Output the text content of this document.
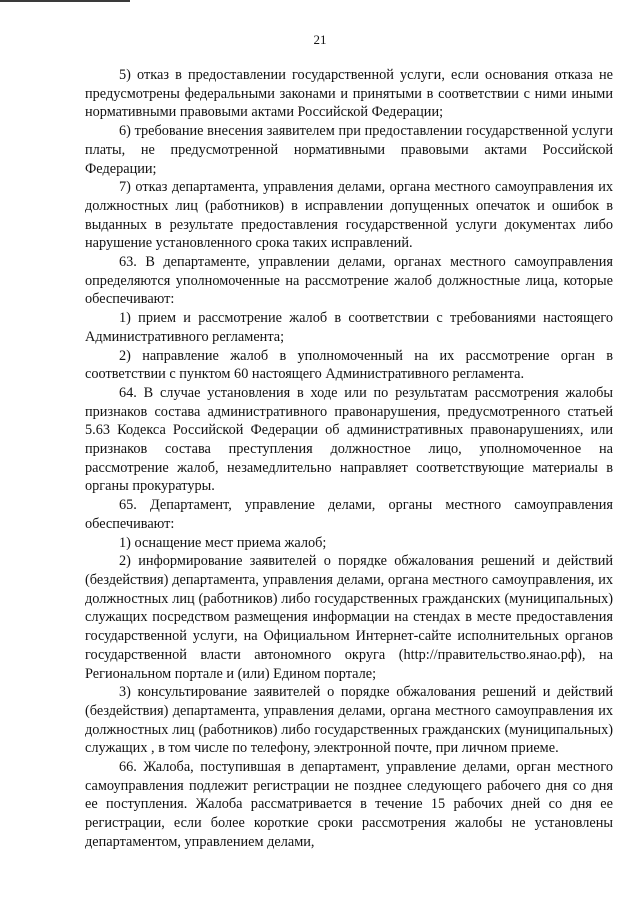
21

5) отказ в предоставлении государственной услуги, если основания отказа не предусмотрены федеральными законами и принятыми в соответствии с ними иными нормативными правовыми актами Российской Федерации;

6) требование внесения заявителем при предоставлении государственной услуги платы, не предусмотренной нормативными правовыми актами Российской Федерации;

7) отказ департамента, управления делами, органа местного самоуправления их должностных лиц (работников) в исправлении допущенных опечаток и ошибок в выданных в результате предоставления государственной услуги документах либо нарушение установленного срока таких исправлений.

63. В департаменте, управлении делами, органах местного самоуправления определяются уполномоченные на рассмотрение жалоб должностные лица, которые обеспечивают:

1) прием и рассмотрение жалоб в соответствии с требованиями настоящего Административного регламента;

2) направление жалоб в уполномоченный на их рассмотрение орган в соответствии с пунктом 60 настоящего Административного регламента.

64. В случае установления в ходе или по результатам рассмотрения жалобы признаков состава административного правонарушения, предусмотренного статьей 5.63 Кодекса Российской Федерации об административных правонарушениях, или признаков состава преступления должностное лицо, уполномоченное на рассмотрение жалоб, незамедлительно направляет соответствующие материалы в органы прокуратуры.

65. Департамент, управление делами, органы местного самоуправления обеспечивают:

1) оснащение мест приема жалоб;

2) информирование заявителей о порядке обжалования решений и действий (бездействия) департамента, управления делами, органа местного самоуправления, их должностных лиц (работников) либо государственных гражданских (муниципальных) служащих посредством размещения информации на стендах в месте предоставления государственной услуги, на Официальном Интернет-сайте исполнительных органов государственной власти автономного округа (http://правительство.янао.рф), на Региональном портале и (или) Едином портале;

3) консультирование заявителей о порядке обжалования решений и действий (бездействия) департамента, управления делами, органа местного самоуправления их должностных лиц (работников) либо государственных гражданских (муниципальных) служащих , в том числе по телефону, электронной почте, при личном приеме.

66. Жалоба, поступившая в департамент, управление делами, орган местного самоуправления подлежит регистрации не позднее следующего рабочего дня со дня ее поступления. Жалоба рассматривается в течение 15 рабочих дней со дня ее регистрации, если более короткие сроки рассмотрения жалобы не установлены департаментом, управлением делами,
